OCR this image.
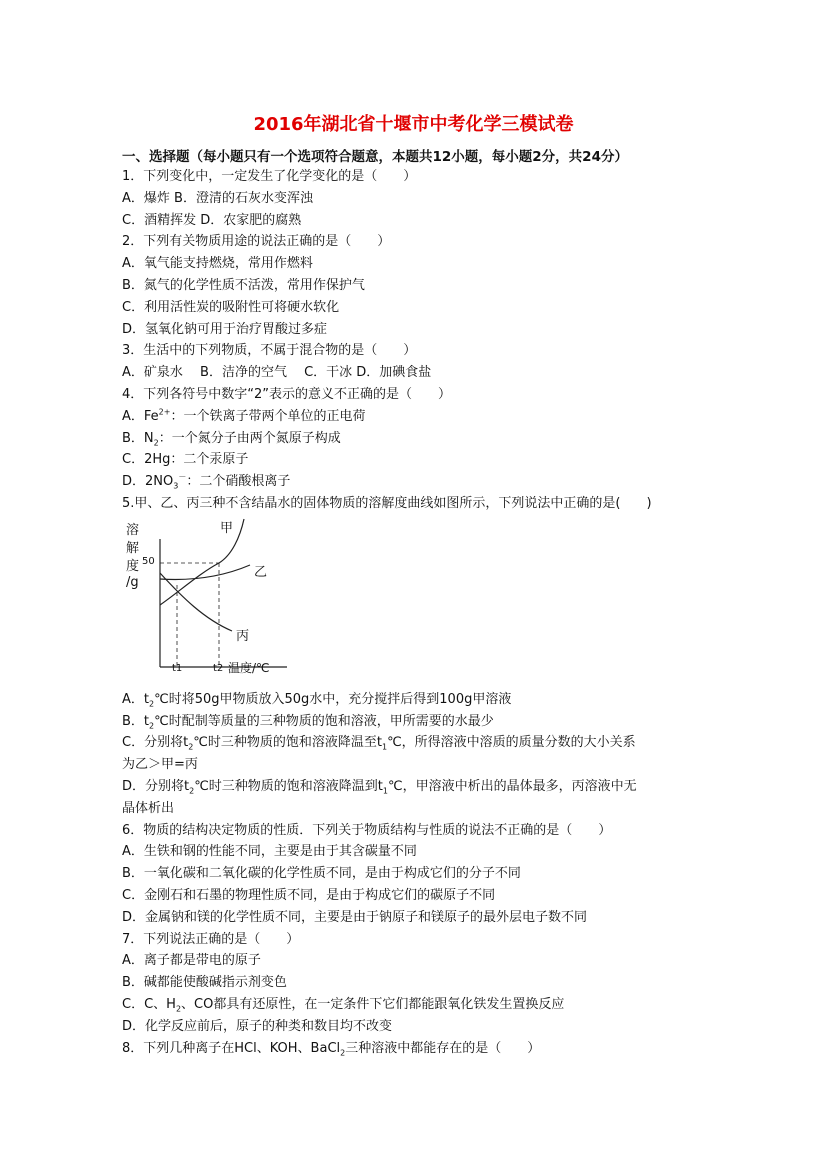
2016年湖北省十堰市中考化学三模试卷
一、选择题（每小题只有一个选项符合题意，本题共12小题，每小题2分，共24分）
1．下列变化中，一定发生了化学变化的是（　　）
A．爆炸 B．澄清的石灰水变浑浊
C．酒精挥发 D．农家肥的腐熟
2．下列有关物质用途的说法正确的是（　　）
A．氧气能支持燃烧，常用作燃料
B．氮气的化学性质不活泼，常用作保护气
C．利用活性炭的吸附性可将硬水软化
D．氢氧化钠可用于治疗胃酸过多症
3．生活中的下列物质，不属于混合物的是（　　）
A．矿泉水　 B．洁净的空气　 C．干冰 D．加碘食盐
4．下列各符号中数字“2”表示的意义不正确的是（　　）
A．$Fe^{2+}$：一个铁离子带两个单位的正电荷
B．$N_2$：一个氮分子由两个氮原子构成
C．2Hg：二个汞原子
D．$2NO_3^-$：二个硝酸根离子
5.甲、乙、丙三种不含结晶水的固体物质的溶解度曲线如图所示，下列说法中正确的是(　　)
溶
解
度
/g
50
甲
乙
丙
t1	t2 温度/℃
A．$t_2℃$时将50g甲物质放入50g水中，充分搅拌后得到100g甲溶液
B．$t_2℃$时配制等质量的三种物质的饱和溶液，甲所需要的水最少
C．分别将$t_2℃$时三种物质的饱和溶液降温至$t_1℃$，所得溶液中溶质的质量分数的大小关系
为乙＞甲=丙
D．分别将$t_2℃$时三种物质的饱和溶液降温到$t_1℃$，甲溶液中析出的晶体最多，丙溶液中无
晶体析出
6．物质的结构决定物质的性质．下列关于物质结构与性质的说法不正确的是（　　）
A．生铁和钢的性能不同，主要是由于其含碳量不同
B．一氧化碳和二氧化碳的化学性质不同，是由于构成它们的分子不同
C．金刚石和石墨的物理性质不同，是由于构成它们的碳原子不同
D．金属钠和镁的化学性质不同，主要是由于钠原子和镁原子的最外层电子数不同
7．下列说法正确的是（　　）
A．离子都是带电的原子
B．碱都能使酸碱指示剂变色
C．C、$H_2$、CO都具有还原性，在一定条件下它们都能跟氧化铁发生置换反应
D．化学反应前后，原子的种类和数目均不改变
8．下列几种离子在HCl、KOH、BaCl$_2$三种溶液中都能存在的是（　　）
